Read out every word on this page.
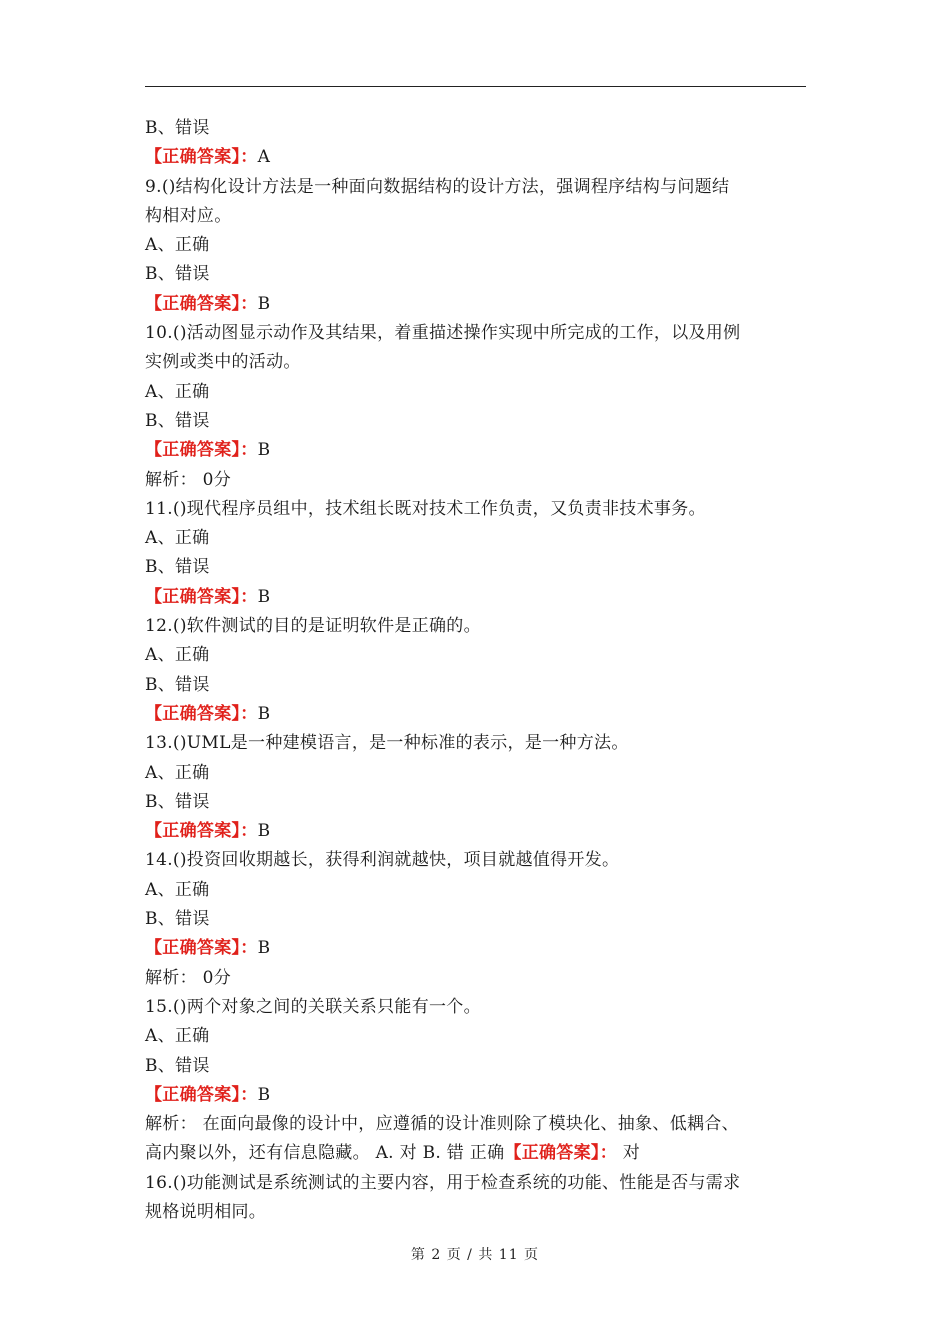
B、错误
【正确答案】：A
9.()结构化设计方法是一种面向数据结构的设计方法，强调程序结构与问题结
构相对应。
A、正确
B、错误
【正确答案】：B
10.()活动图显示动作及其结果，着重描述操作实现中所完成的工作，以及用例
实例或类中的活动。
A、正确
B、错误
【正确答案】：B
解析： 0分
11.()现代程序员组中，技术组长既对技术工作负责，又负责非技术事务。
A、正确
B、错误
【正确答案】：B
12.()软件测试的目的是证明软件是正确的。
A、正确
B、错误
【正确答案】：B
13.()UML是一种建模语言，是一种标准的表示，是一种方法。
A、正确
B、错误
【正确答案】：B
14.()投资回收期越长，获得利润就越快，项目就越值得开发。
A、正确
B、错误
【正确答案】：B
解析： 0分
15.()两个对象之间的关联关系只能有一个。
A、正确
B、错误
【正确答案】：B
解析： 在面向最像的设计中，应遵循的设计准则除了模块化、抽象、低耦合、
高内聚以外，还有信息隐藏。 A. 对 B. 错 正确【正确答案】： 对
16.()功能测试是系统测试的主要内容，用于检查系统的功能、性能是否与需求
规格说明相同。
第 2 页 / 共 11 页
